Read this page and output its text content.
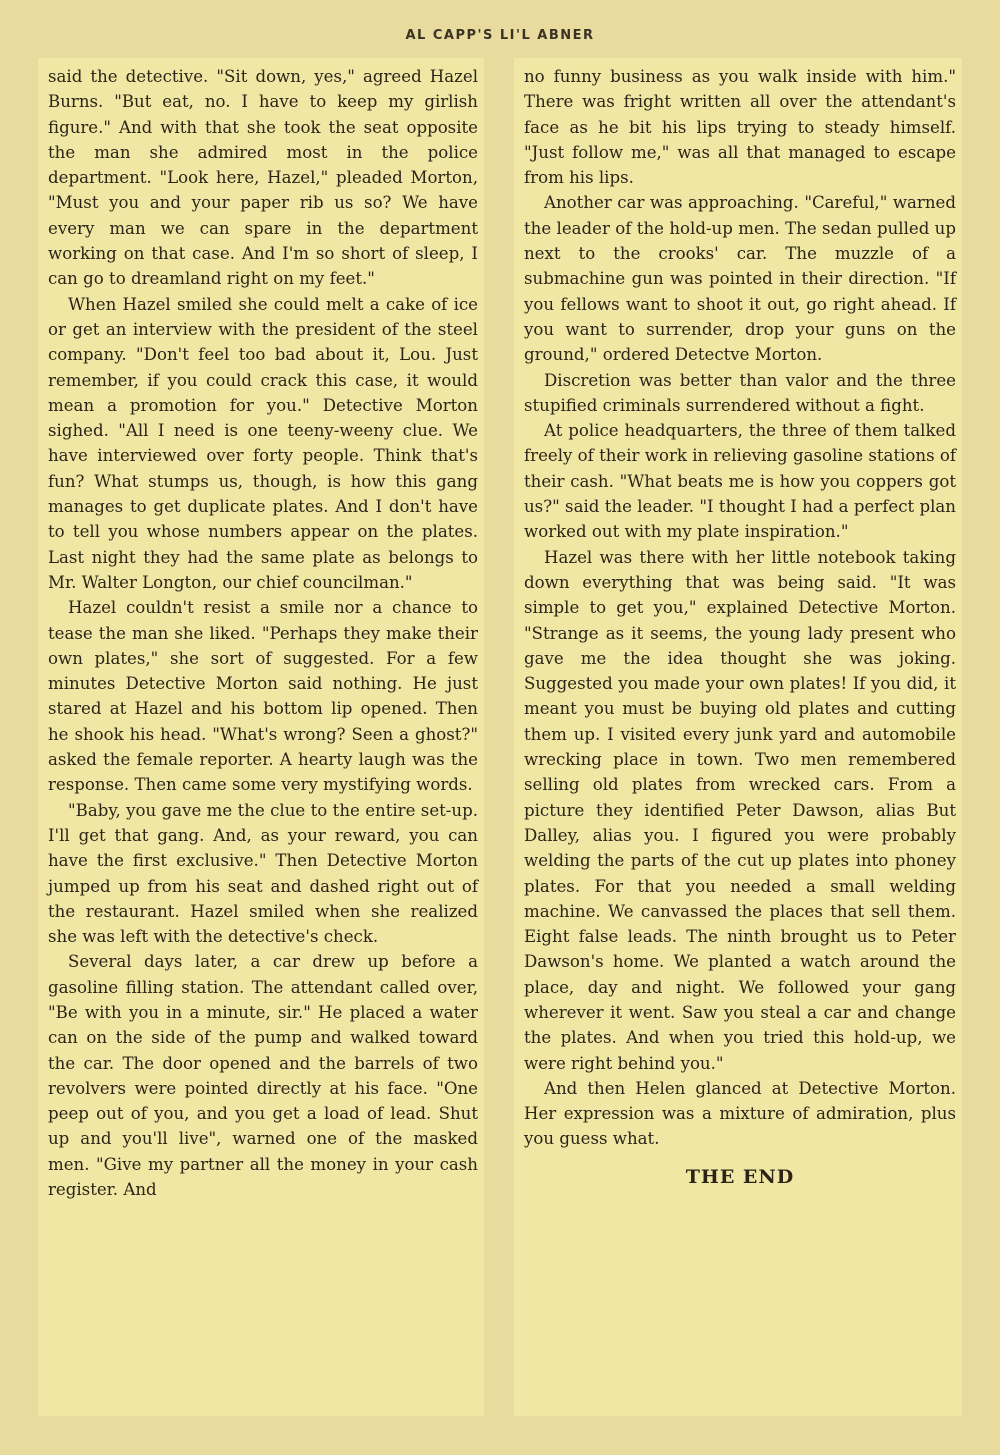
AL CAPP'S LI'L ABNER

said the detective. "Sit down, yes," agreed Hazel Burns. "But eat, no. I have to keep my girlish figure." And with that she took the seat opposite the man she admired most in the police department. "Look here, Hazel," pleaded Morton, "Must you and your paper rib us so? We have every man we can spare in the department working on that case. And I'm so short of sleep, I can go to dreamland right on my feet."

When Hazel smiled she could melt a cake of ice or get an interview with the president of the steel company. "Don't feel too bad about it, Lou. Just remember, if you could crack this case, it would mean a promotion for you." Detective Morton sighed. "All I need is one teeny-weeny clue. We have interviewed over forty people. Think that's fun? What stumps us, though, is how this gang manages to get duplicate plates. And I don't have to tell you whose numbers appear on the plates. Last night they had the same plate as belongs to Mr. Walter Longton, our chief councilman."

Hazel couldn't resist a smile nor a chance to tease the man she liked. "Perhaps they make their own plates," she sort of suggested. For a few minutes Detective Morton said nothing. He just stared at Hazel and his bottom lip opened. Then he shook his head. "What's wrong? Seen a ghost?" asked the female reporter. A hearty laugh was the response. Then came some very mystifying words.

"Baby, you gave me the clue to the entire set-up. I'll get that gang. And, as your reward, you can have the first exclusive." Then Detective Morton jumped up from his seat and dashed right out of the restaurant. Hazel smiled when she realized she was left with the detective's check.

Several days later, a car drew up before a gasoline filling station. The attendant called over, "Be with you in a minute, sir." He placed a water can on the side of the pump and walked toward the car. The door opened and the barrels of two revolvers were pointed directly at his face. "One peep out of you, and you get a load of lead. Shut up and you'll live", warned one of the masked men. "Give my partner all the money in your cash register. And

no funny business as you walk inside with him." There was fright written all over the attendant's face as he bit his lips trying to steady himself. "Just follow me," was all that managed to escape from his lips.

Another car was approaching. "Careful," warned the leader of the hold-up men. The sedan pulled up next to the crooks' car. The muzzle of a submachine gun was pointed in their direction. "If you fellows want to shoot it out, go right ahead. If you want to surrender, drop your guns on the ground," ordered Detectve Morton.

Discretion was better than valor and the three stupified criminals surrendered without a fight.

At police headquarters, the three of them talked freely of their work in relieving gasoline stations of their cash. "What beats me is how you coppers got us?" said the leader. "I thought I had a perfect plan worked out with my plate inspiration."

Hazel was there with her little notebook taking down everything that was being said. "It was simple to get you," explained Detective Morton. "Strange as it seems, the young lady present who gave me the idea thought she was joking. Suggested you made your own plates! If you did, it meant you must be buying old plates and cutting them up. I visited every junk yard and automobile wrecking place in town. Two men remembered selling old plates from wrecked cars. From a picture they identified Peter Dawson, alias But Dalley, alias you. I figured you were probably welding the parts of the cut up plates into phoney plates. For that you needed a small welding machine. We canvassed the places that sell them. Eight false leads. The ninth brought us to Peter Dawson's home. We planted a watch around the place, day and night. We followed your gang wherever it went. Saw you steal a car and change the plates. And when you tried this hold-up, we were right behind you."

And then Helen glanced at Detective Morton. Her expression was a mixture of admiration, plus you guess what.

THE END
